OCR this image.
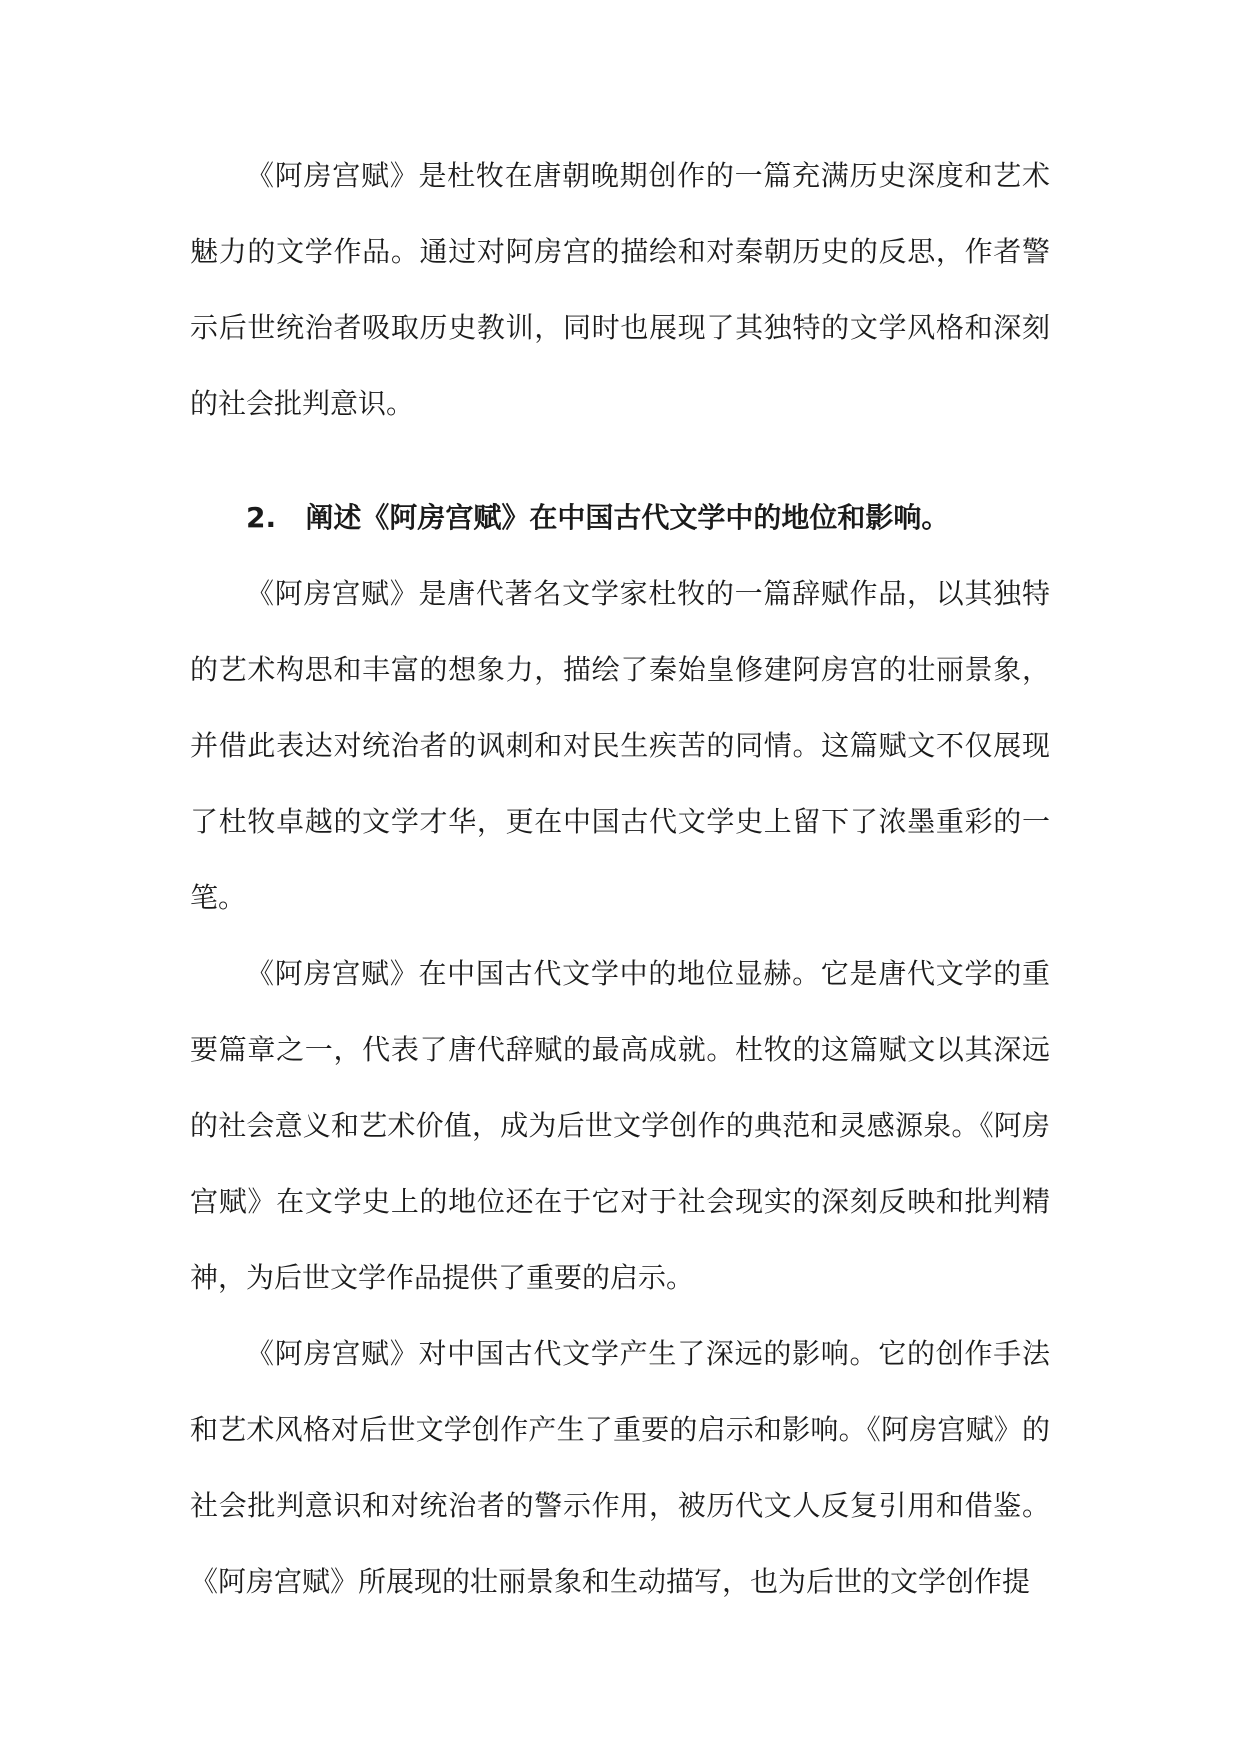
《阿房宫赋》是杜牧在唐朝晚期创作的一篇充满历史深度和艺术魅力的文学作品。通过对阿房宫的描绘和对秦朝历史的反思，作者警示后世统治者吸取历史教训，同时也展现了其独特的文学风格和深刻的社会批判意识。

2. 阐述《阿房宫赋》在中国古代文学中的地位和影响。

《阿房宫赋》是唐代著名文学家杜牧的一篇辞赋作品，以其独特的艺术构思和丰富的想象力，描绘了秦始皇修建阿房宫的壮丽景象，并借此表达对统治者的讽刺和对民生疾苦的同情。这篇赋文不仅展现了杜牧卓越的文学才华，更在中国古代文学史上留下了浓墨重彩的一笔。

《阿房宫赋》在中国古代文学中的地位显赫。它是唐代文学的重要篇章之一，代表了唐代辞赋的最高成就。杜牧的这篇赋文以其深远的社会意义和艺术价值，成为后世文学创作的典范和灵感源泉。《阿房宫赋》在文学史上的地位还在于它对于社会现实的深刻反映和批判精神，为后世文学作品提供了重要的启示。

《阿房宫赋》对中国古代文学产生了深远的影响。它的创作手法和艺术风格对后世文学创作产生了重要的启示和影响。《阿房宫赋》的社会批判意识和对统治者的警示作用，被历代文人反复引用和借鉴。《阿房宫赋》所展现的壮丽景象和生动描写，也为后世的文学创作提
